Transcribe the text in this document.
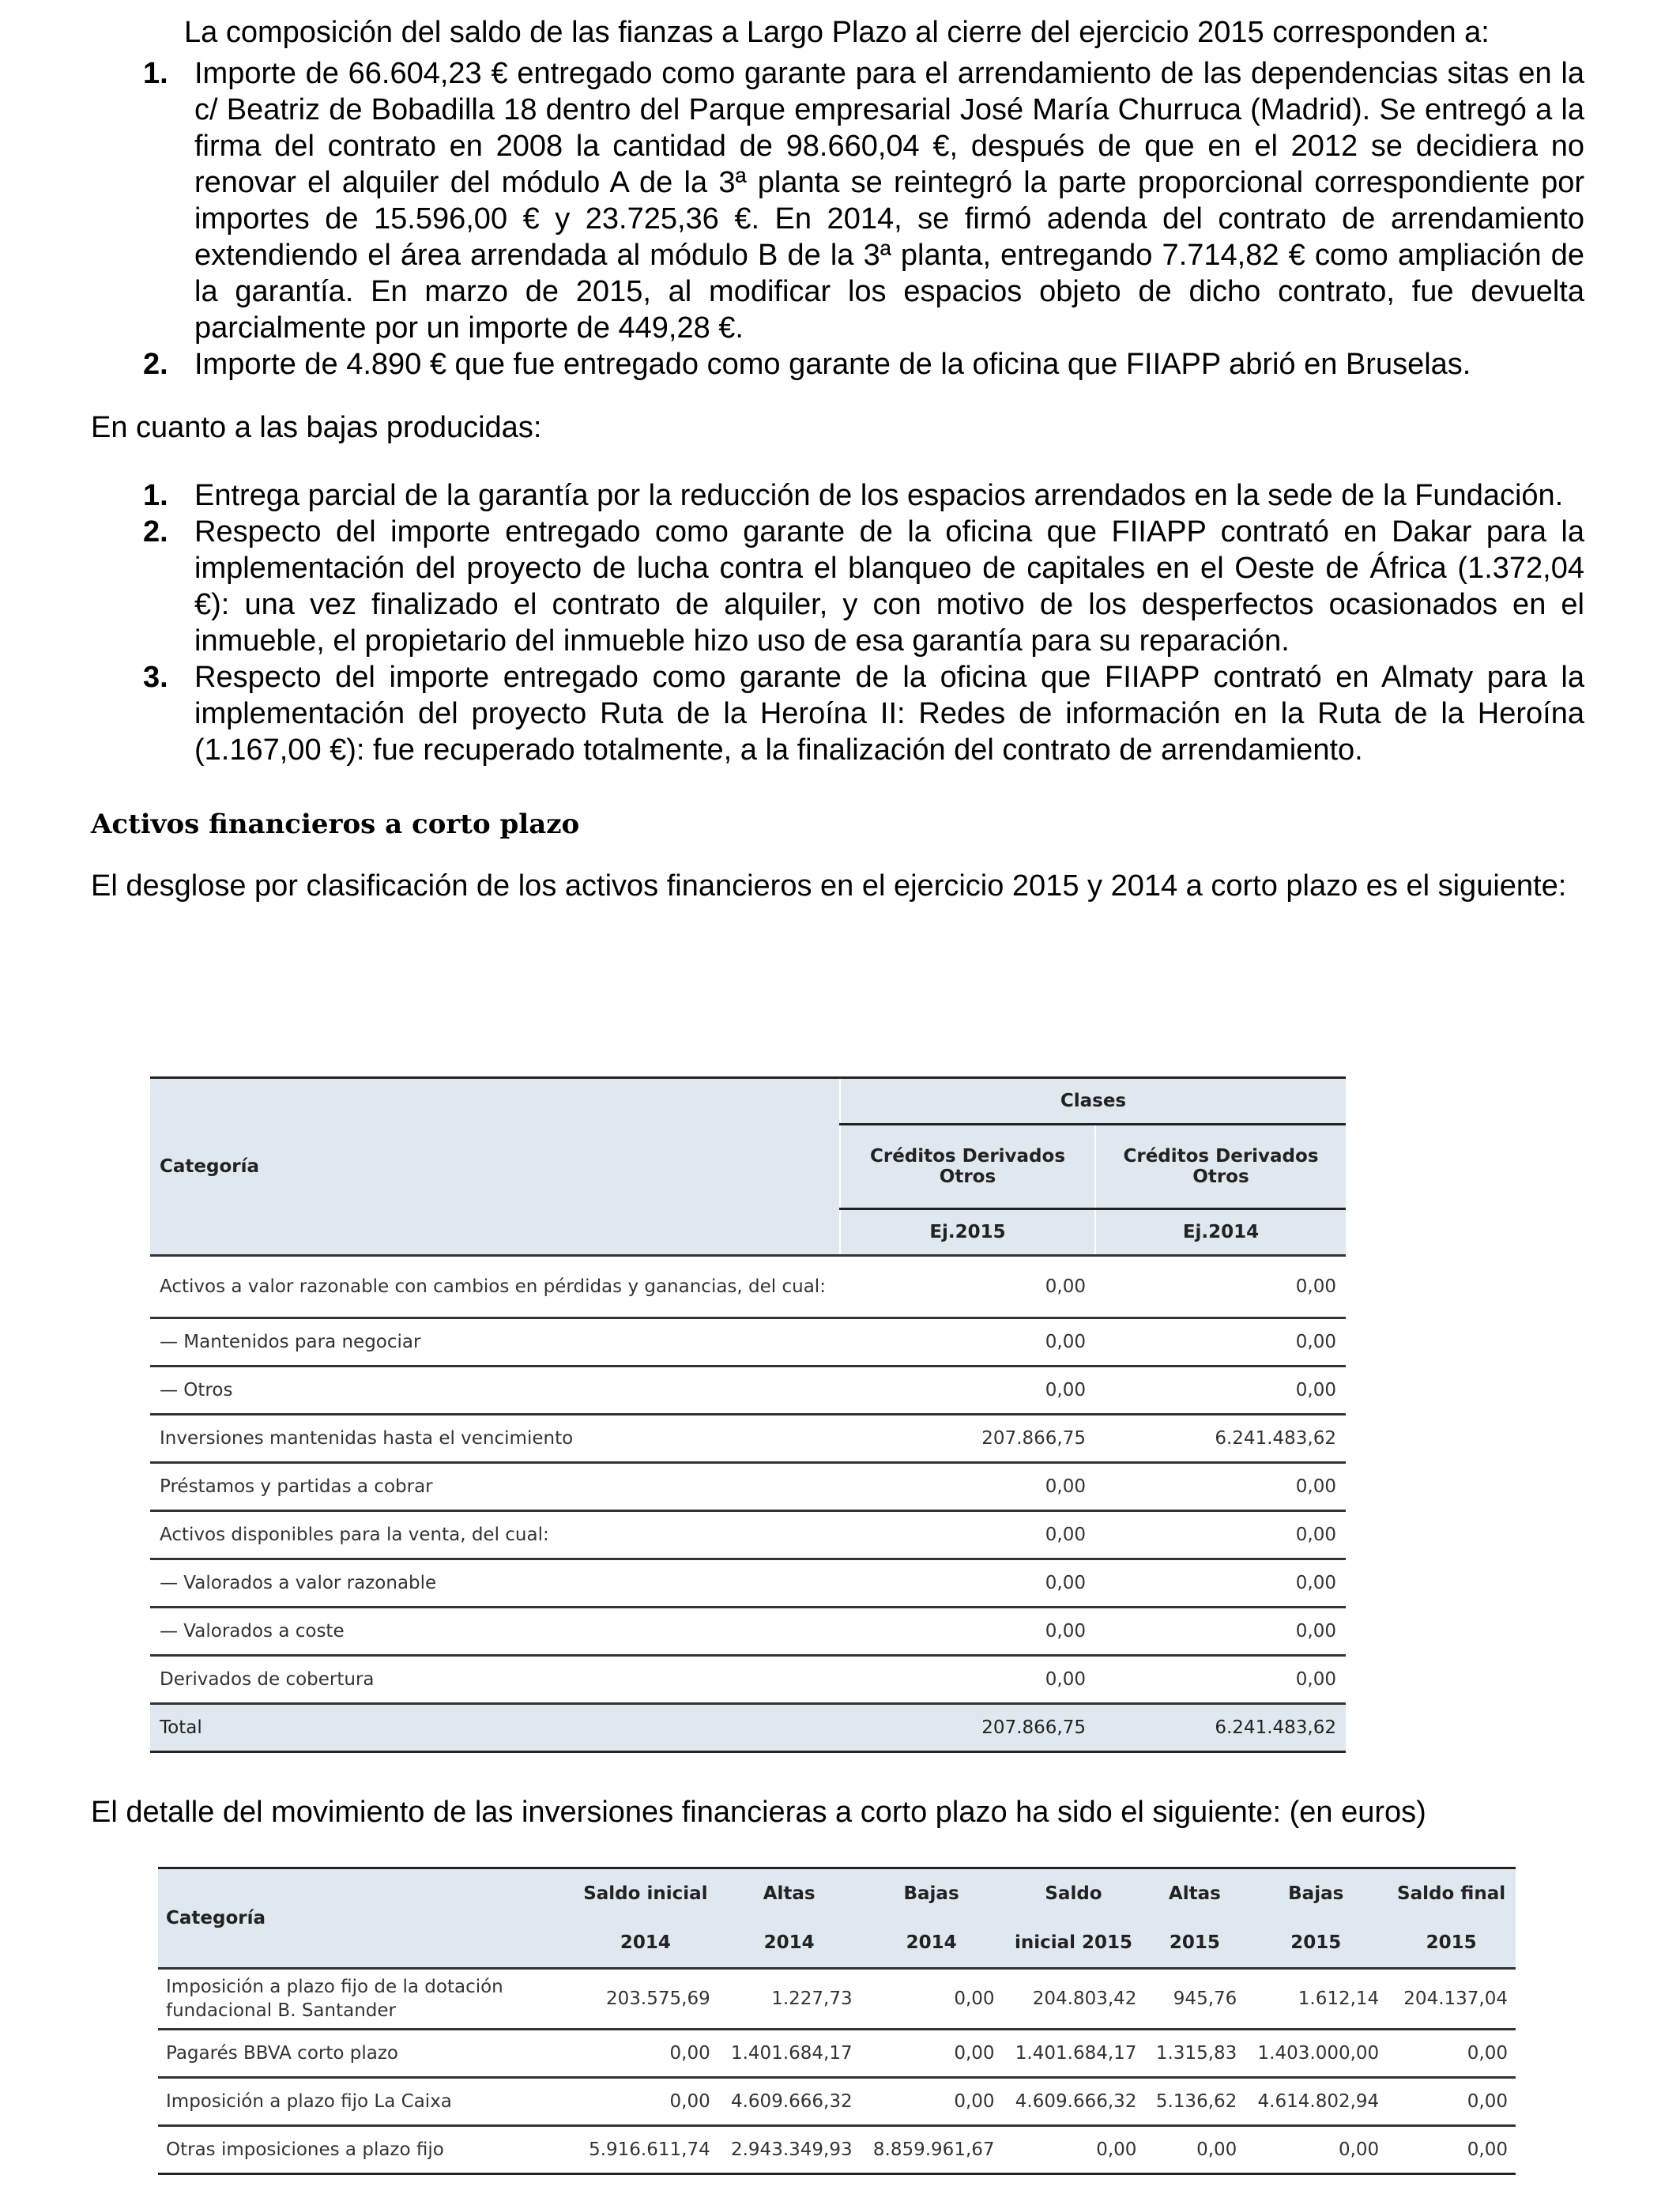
La composición del saldo de las fianzas a Largo Plazo al cierre del ejercicio 2015 corresponden a:

1. Importe de 66.604,23 € entregado como garante para el arrendamiento de las dependencias sitas en la c/ Beatriz de Bobadilla 18 dentro del Parque empresarial José María Churruca (Madrid). Se entregó a la firma del contrato en 2008 la cantidad de 98.660,04 €, después de que en el 2012 se decidiera no renovar el alquiler del módulo A de la 3ª planta se reintegró la parte proporcional correspondiente por importes de 15.596,00 € y 23.725,36 €. En 2014, se firmó adenda del contrato de arrendamiento extendiendo el área arrendada al módulo B de la 3ª planta, entregando 7.714,82 € como ampliación de la garantía. En marzo de 2015, al modificar los espacios objeto de dicho contrato, fue devuelta parcialmente por un importe de 449,28 €.
2. Importe de 4.890 € que fue entregado como garante de la oficina que FIIAPP abrió en Bruselas.

En cuanto a las bajas producidas:

1. Entrega parcial de la garantía por la reducción de los espacios arrendados en la sede de la Fundación.
2. Respecto del importe entregado como garante de la oficina que FIIAPP contrató en Dakar para la implementación del proyecto de lucha contra el blanqueo de capitales en el Oeste de África (1.372,04 €): una vez finalizado el contrato de alquiler, y con motivo de los desperfectos ocasionados en el inmueble, el propietario del inmueble hizo uso de esa garantía para su reparación.
3. Respecto del importe entregado como garante de la oficina que FIIAPP contrató en Almaty para la implementación del proyecto Ruta de la Heroína II: Redes de información en la Ruta de la Heroína (1.167,00 €): fue recuperado totalmente, a la finalización del contrato de arrendamiento.
Activos financieros a corto plazo

El desglose por clasificación de los activos financieros en el ejercicio 2015 y 2014 a corto plazo es el siguiente:

Categoría	Clases	
	Créditos Derivados Otros	Créditos Derivados Otros
	Ej.2015	Ej.2014
Activos a valor razonable con cambios en pérdidas y ganancias, del cual:	0,00	0,00
— Mantenidos para negociar	0,00	0,00
— Otros	0,00	0,00
Inversiones mantenidas hasta el vencimiento	207.866,75	6.241.483,62
Préstamos y partidas a cobrar	0,00	0,00
Activos disponibles para la venta, del cual:	0,00	0,00
— Valorados a valor razonable	0,00	0,00
— Valorados a coste	0,00	0,00
Derivados de cobertura	0,00	0,00
Total	207.866,75	6.241.483,62

El detalle del movimiento de las inversiones financieras a corto plazo ha sido el siguiente: (en euros)

Categoría	Saldo inicial	Altas	Bajas	Saldo	Altas	Bajas	Saldo final
	2014	2014	2014	inicial 2015	2015	2015	2015
Imposición a plazo fijo de la dotación fundacional B. Santander	203.575,69	1.227,73	0,00	204.803,42	945,76	1.612,14	204.137,04
Pagarés BBVA corto plazo	0,00	1.401.684,17	0,00	1.401.684,17	1.315,83	1.403.000,00	0,00
Imposición a plazo fijo La Caixa	0,00	4.609.666,32	0,00	4.609.666,32	5.136,62	4.614.802,94	0,00
Otras imposiciones a plazo fijo	5.916.611,74	2.943.349,93	8.859.961,67	0,00	0,00	0,00	0,00
